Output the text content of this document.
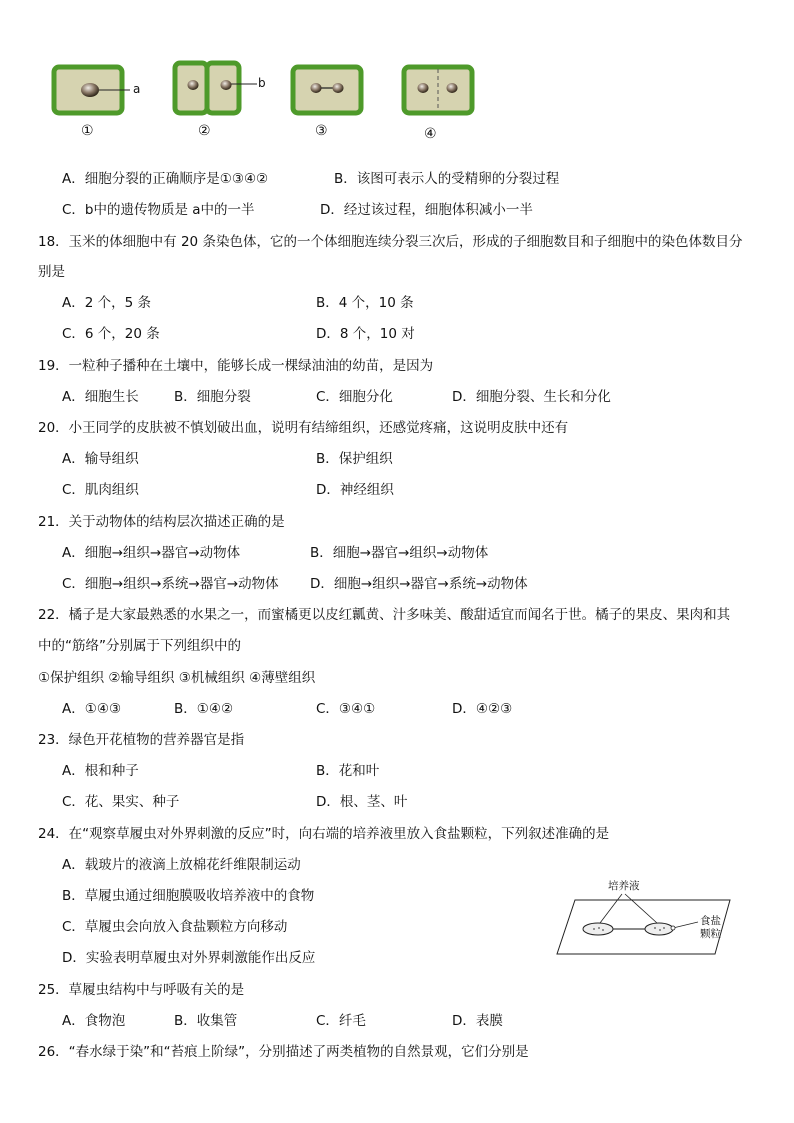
a	b
①	②	③	④
A．细胞分裂的正确顺序是①③④②	B．该图可表示人的受精卵的分裂过程
C．b中的遗传物质是 a中的一半	D．经过该过程，细胞体积减小一半
18．玉米的体细胞中有 20 条染色体，它的一个体细胞连续分裂三次后，形成的子细胞数目和子细胞中的染色体数目分
别是
A．2 个，5 条	B．4 个，10 条
C．6 个，20 条	D．8 个，10 对
19．一粒种子播种在土壤中，能够长成一棵绿油油的幼苗，是因为
A．细胞生长	B．细胞分裂	C．细胞分化	D．细胞分裂、生长和分化
20．小王同学的皮肤被不慎划破出血，说明有结缔组织，还感觉疼痛，这说明皮肤中还有
A．输导组织	B．保护组织
C．肌肉组织	D．神经组织
21．关于动物体的结构层次描述正确的是
A．细胞→组织→器官→动物体	B．细胞→器官→组织→动物体
C．细胞→组织→系统→器官→动物体 D．细胞→组织→器官→系统→动物体
22．橘子是大家最熟悉的水果之一，而蜜橘更以皮红瓤黄、汁多味美、酸甜适宜而闻名于世。橘子的果皮、果肉和其
中的“筋络”分别属于下列组织中的
①保护组织 ②输导组织 ③机械组织 ④薄壁组织
A．①④③	B．①④②	C．③④①	D．④②③
23．绿色开花植物的营养器官是指
A．根和种子	B．花和叶
C．花、果实、种子	D．根、茎、叶
24．在“观察草履虫对外界刺激的反应”时，向右端的培养液里放入食盐颗粒，下列叙述准确的是
A．载玻片的液滴上放棉花纤维限制运动
B．草履虫通过细胞膜吸收培养液中的食物
C．草履虫会向放入食盐颗粒方向移动
D．实验表明草履虫对外界刺激能作出反应
培养液
食盐
颗粒
25．草履虫结构中与呼吸有关的是
A．食物泡	B．收集管	C．纤毛	D．表膜
26．“春水绿于染”和“苔痕上阶绿”，分别描述了两类植物的自然景观，它们分别是
